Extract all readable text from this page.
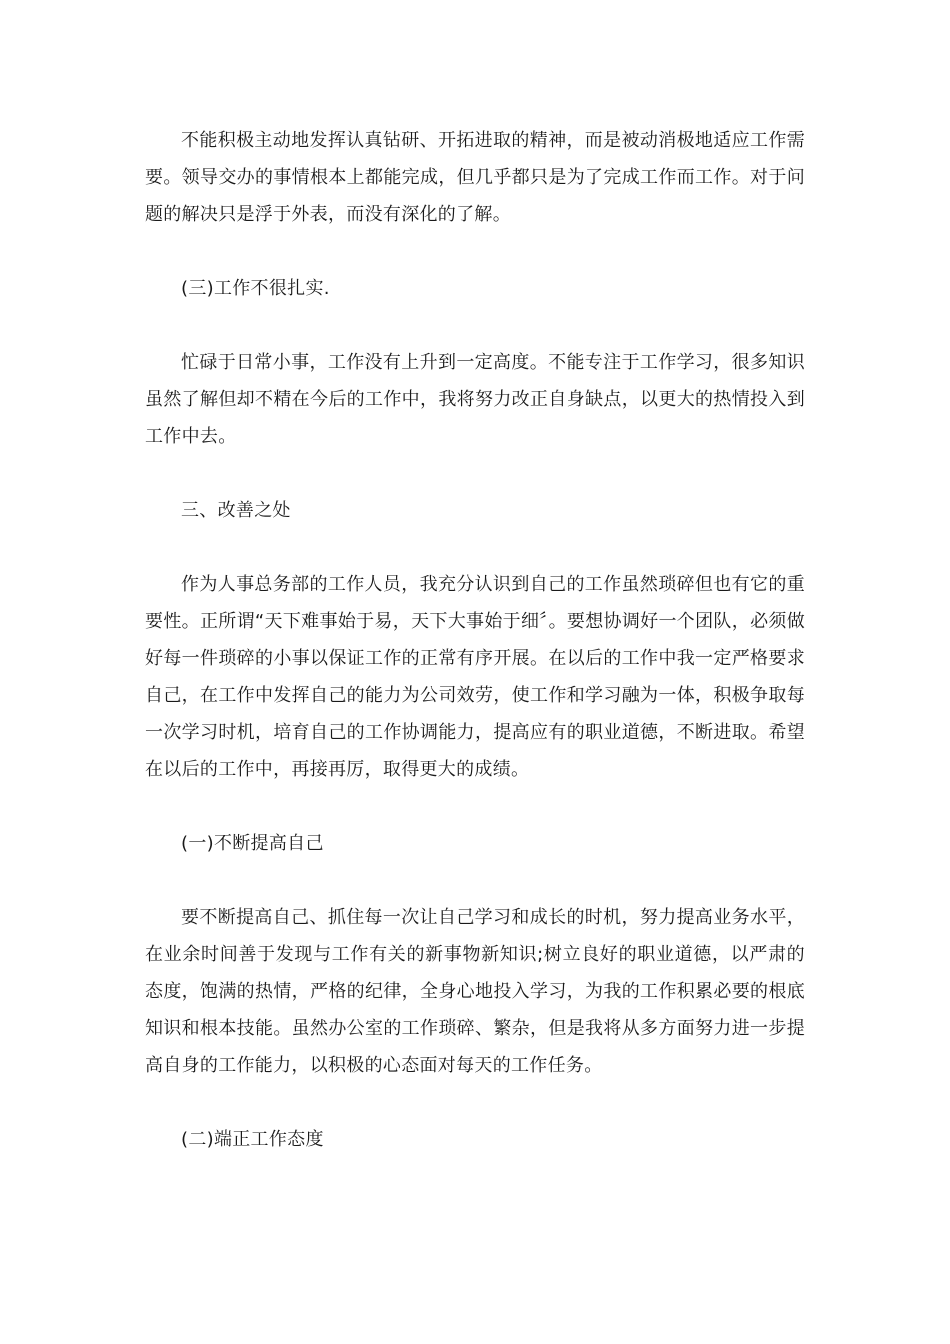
不能积极主动地发挥认真钻研、开拓进取的精神，而是被动消极地适应工作需要。领导交办的事情根本上都能完成，但几乎都只是为了完成工作而工作。对于问题的解决只是浮于外表，而没有深化的了解。

(三)工作不很扎实.

忙碌于日常小事，工作没有上升到一定高度。不能专注于工作学习，很多知识虽然了解但却不精在今后的工作中，我将努力改正自身缺点，以更大的热情投入到工作中去。

三、改善之处

作为人事总务部的工作人员，我充分认识到自己的工作虽然琐碎但也有它的重要性。正所谓“天下难事始于易，天下大事始于细〞。要想协调好一个团队，必须做好每一件琐碎的小事以保证工作的正常有序开展。在以后的工作中我一定严格要求自己，在工作中发挥自己的能力为公司效劳，使工作和学习融为一体，积极争取每一次学习时机，培育自己的工作协调能力，提高应有的职业道德，不断进取。希望在以后的工作中，再接再厉，取得更大的成绩。

(一)不断提高自己

要不断提高自己、抓住每一次让自己学习和成长的时机，努力提高业务水平，在业余时间善于发现与工作有关的新事物新知识;树立良好的职业道德，以严肃的态度，饱满的热情，严格的纪律，全身心地投入学习，为我的工作积累必要的根底知识和根本技能。虽然办公室的工作琐碎、繁杂，但是我将从多方面努力进一步提高自身的工作能力，以积极的心态面对每天的工作任务。

(二)端正工作态度
